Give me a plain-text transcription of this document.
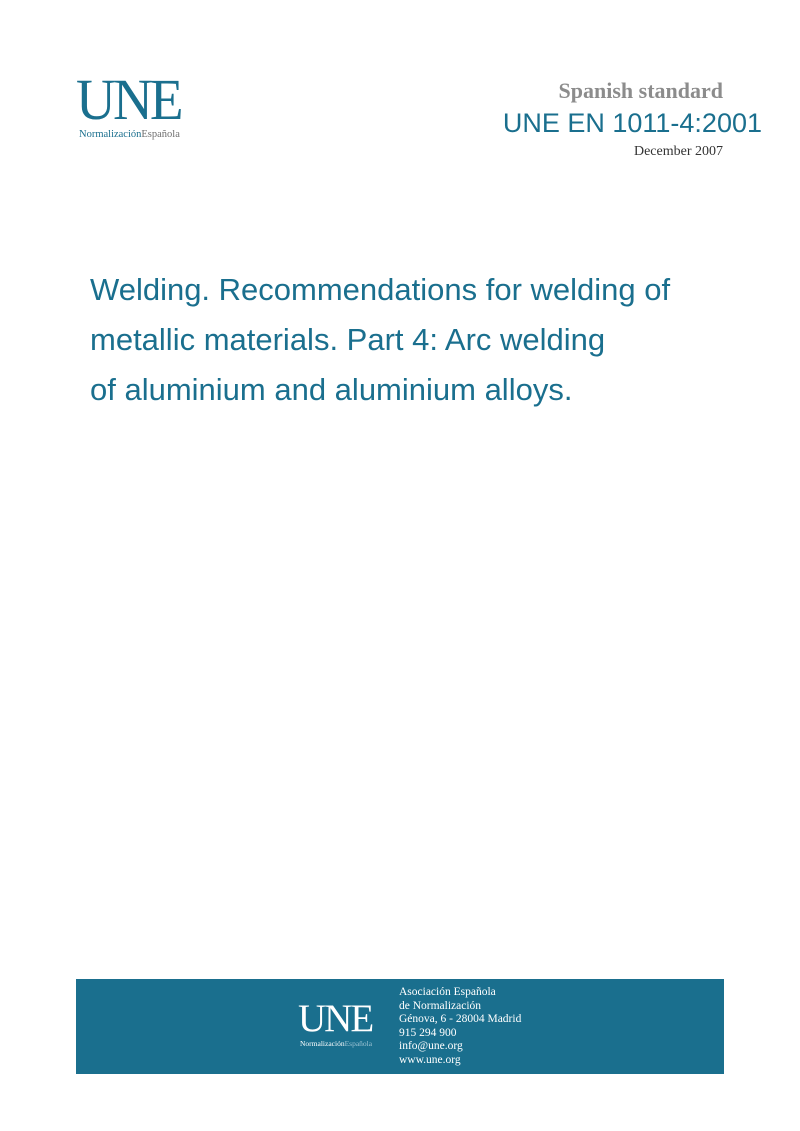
UNE
NormalizaciónEspañola
Spanish standard
UNE EN 1011-4:2001
December 2007
Welding. Recommendations for welding of
metallic materials. Part 4: Arc welding
of aluminium and aluminium alloys.
UNE
NormalizaciónEspañola
Asociación Española
de Normalización
Génova, 6 - 28004 Madrid
915 294 900
info@une.org
www.une.org
